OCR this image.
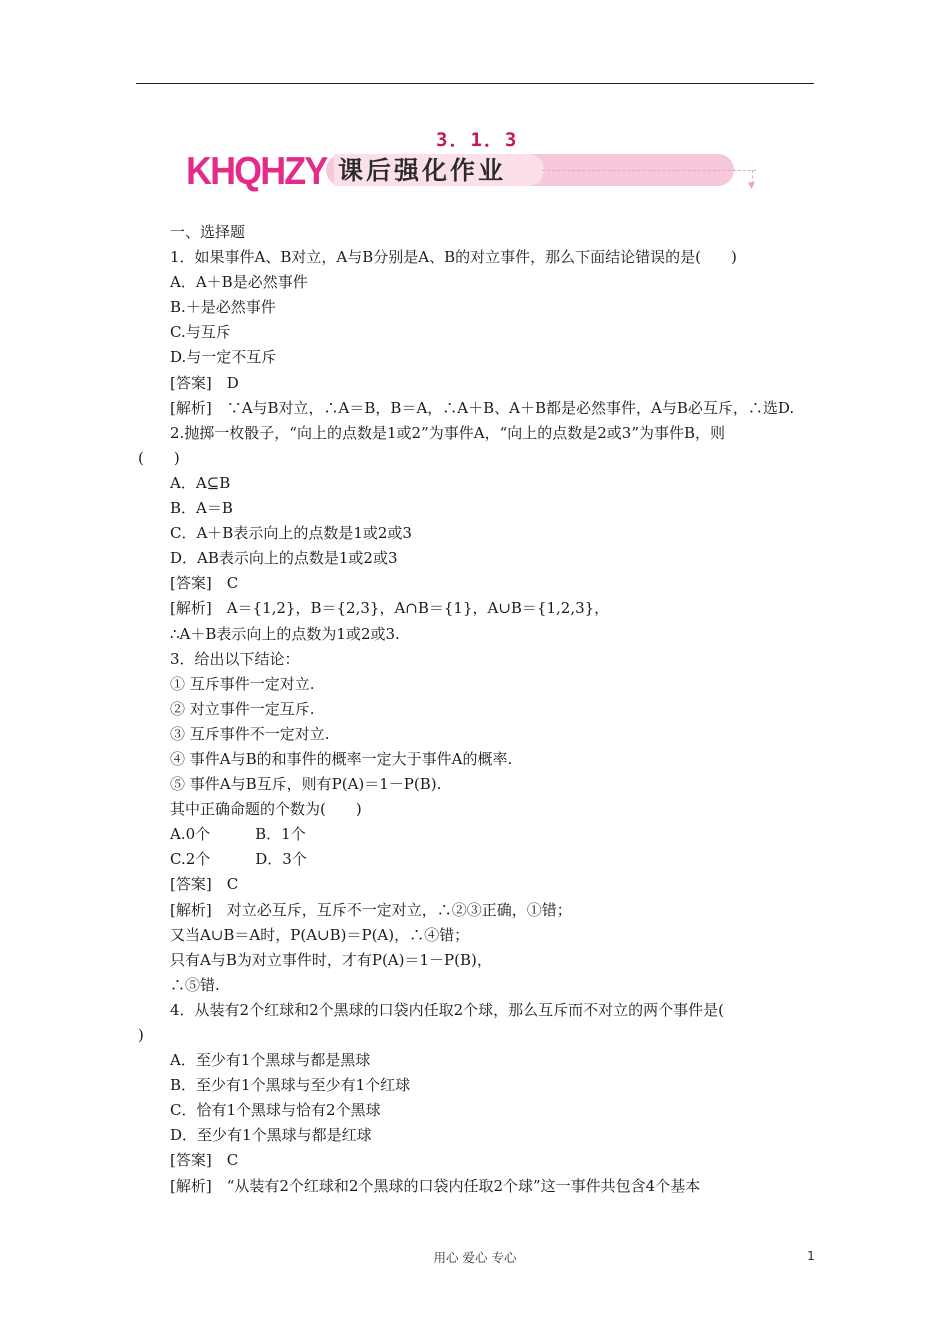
3．1．3
KHQHZY 课后强化作业
▼
一、选择题
1．如果事件A、B对立，A与B分别是A、B的对立事件，那么下面结论错误的是(　　)
A．A＋B是必然事件
B.＋是必然事件
C.与互斥
D.与一定不互斥
[答案]　D
[解析]　∵A与B对立，∴A＝B，B＝A，∴A＋B、A＋B都是必然事件，A与B必互斥，∴选D.
2.抛掷一枚骰子，“向上的点数是1或2”为事件A，“向上的点数是2或3”为事件B，则
(　　)
A．A⊆B
B．A＝B
C．A＋B表示向上的点数是1或2或3
D．AB表示向上的点数是1或2或3
[答案]　C
[解析]　A＝{1,2}，B＝{2,3}，A∩B＝{1}，A∪B＝{1,2,3}，
∴A＋B表示向上的点数为1或2或3.
3．给出以下结论：
① 互斥事件一定对立.
② 对立事件一定互斥.
③ 互斥事件不一定对立.
④ 事件A与B的和事件的概率一定大于事件A的概率.
⑤ 事件A与B互斥，则有P(A)＝1－P(B).
其中正确命题的个数为(　　)
A.0个　　　B．1个
C.2个　　　D．3个
[答案]　C
[解析]　对立必互斥，互斥不一定对立，∴②③正确，①错；
又当A∪B＝A时，P(A∪B)＝P(A)，∴④错；
只有A与B为对立事件时，才有P(A)＝1－P(B)，
∴⑤错.
4．从装有2个红球和2个黑球的口袋内任取2个球，那么互斥而不对立的两个事件是(
)
A．至少有1个黑球与都是黑球
B．至少有1个黑球与至少有1个红球
C．恰有1个黑球与恰有2个黑球
D．至少有1个黑球与都是红球
[答案]　C
[解析]　“从装有2个红球和2个黑球的口袋内任取2个球”这一事件共包含4个基本
用心 爱心 专心	1
